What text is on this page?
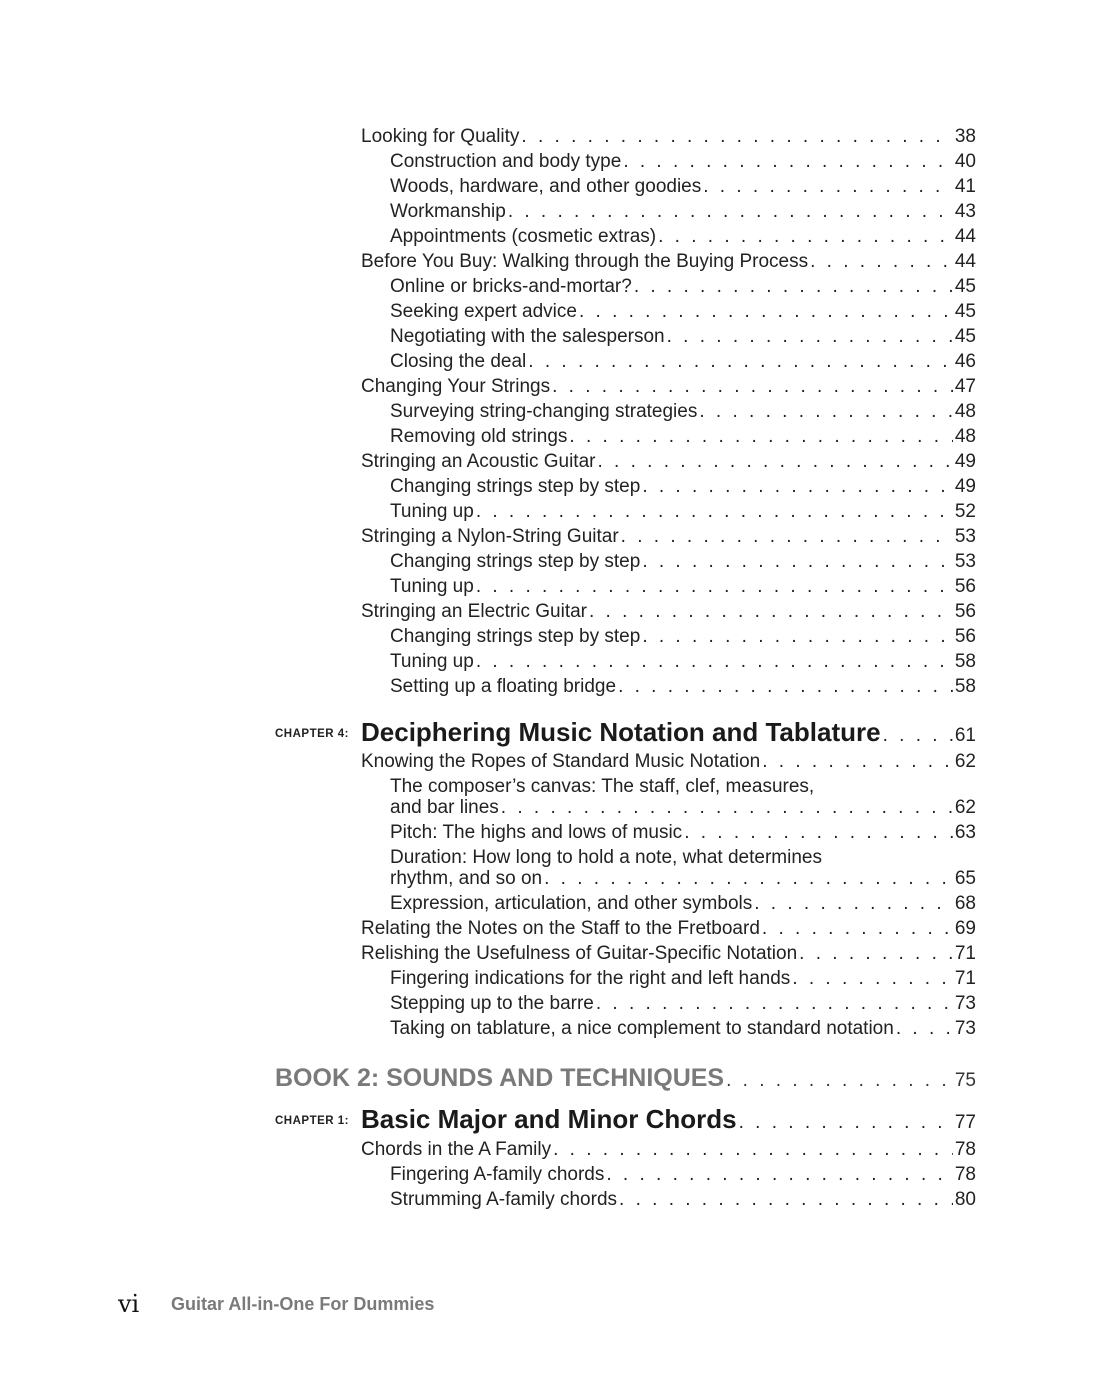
Looking for Quality . . .	38
Construction and body type . . .	40
Woods, hardware, and other goodies . . .	41
Workmanship . . .	43
Appointments (cosmetic extras) . . .	44
Before You Buy: Walking through the Buying Process . . .	44
Online or bricks-and-mortar? . . .	45
Seeking expert advice . . .	45
Negotiating with the salesperson . . .	45
Closing the deal . . .	46
Changing Your Strings . . .	47
Surveying string-changing strategies . . .	48
Removing old strings . . .	48
Stringing an Acoustic Guitar . . .	49
Changing strings step by step . . .	49
Tuning up . . .	52
Stringing a Nylon-String Guitar . . .	53
Changing strings step by step . . .	53
Tuning up . . .	56
Stringing an Electric Guitar . . .	56
Changing strings step by step . . .	56
Tuning up . . .	58
Setting up a floating bridge . . .	58
CHAPTER 4: Deciphering Music Notation and Tablature . . .	61
Knowing the Ropes of Standard Music Notation . . .	62
The composer’s canvas: The staff, clef, measures,
and bar lines . . .	62
Pitch: The highs and lows of music . . .	63
Duration: How long to hold a note, what determines
rhythm, and so on . . .	65
Expression, articulation, and other symbols . . .	68
Relating the Notes on the Staff to the Fretboard . . .	69
Relishing the Usefulness of Guitar-Specific Notation . . .	71
Fingering indications for the right and left hands . . .	71
Stepping up to the barre . . .	73
Taking on tablature, a nice complement to standard notation . . .	73
BOOK 2: SOUNDS AND TECHNIQUES . . .	75
CHAPTER 1: Basic Major and Minor Chords . . .	77
Chords in the A Family . . .	78
Fingering A-family chords . . .	78
Strumming A-family chords . . .	80
vi Guitar All-in-One For Dummies
